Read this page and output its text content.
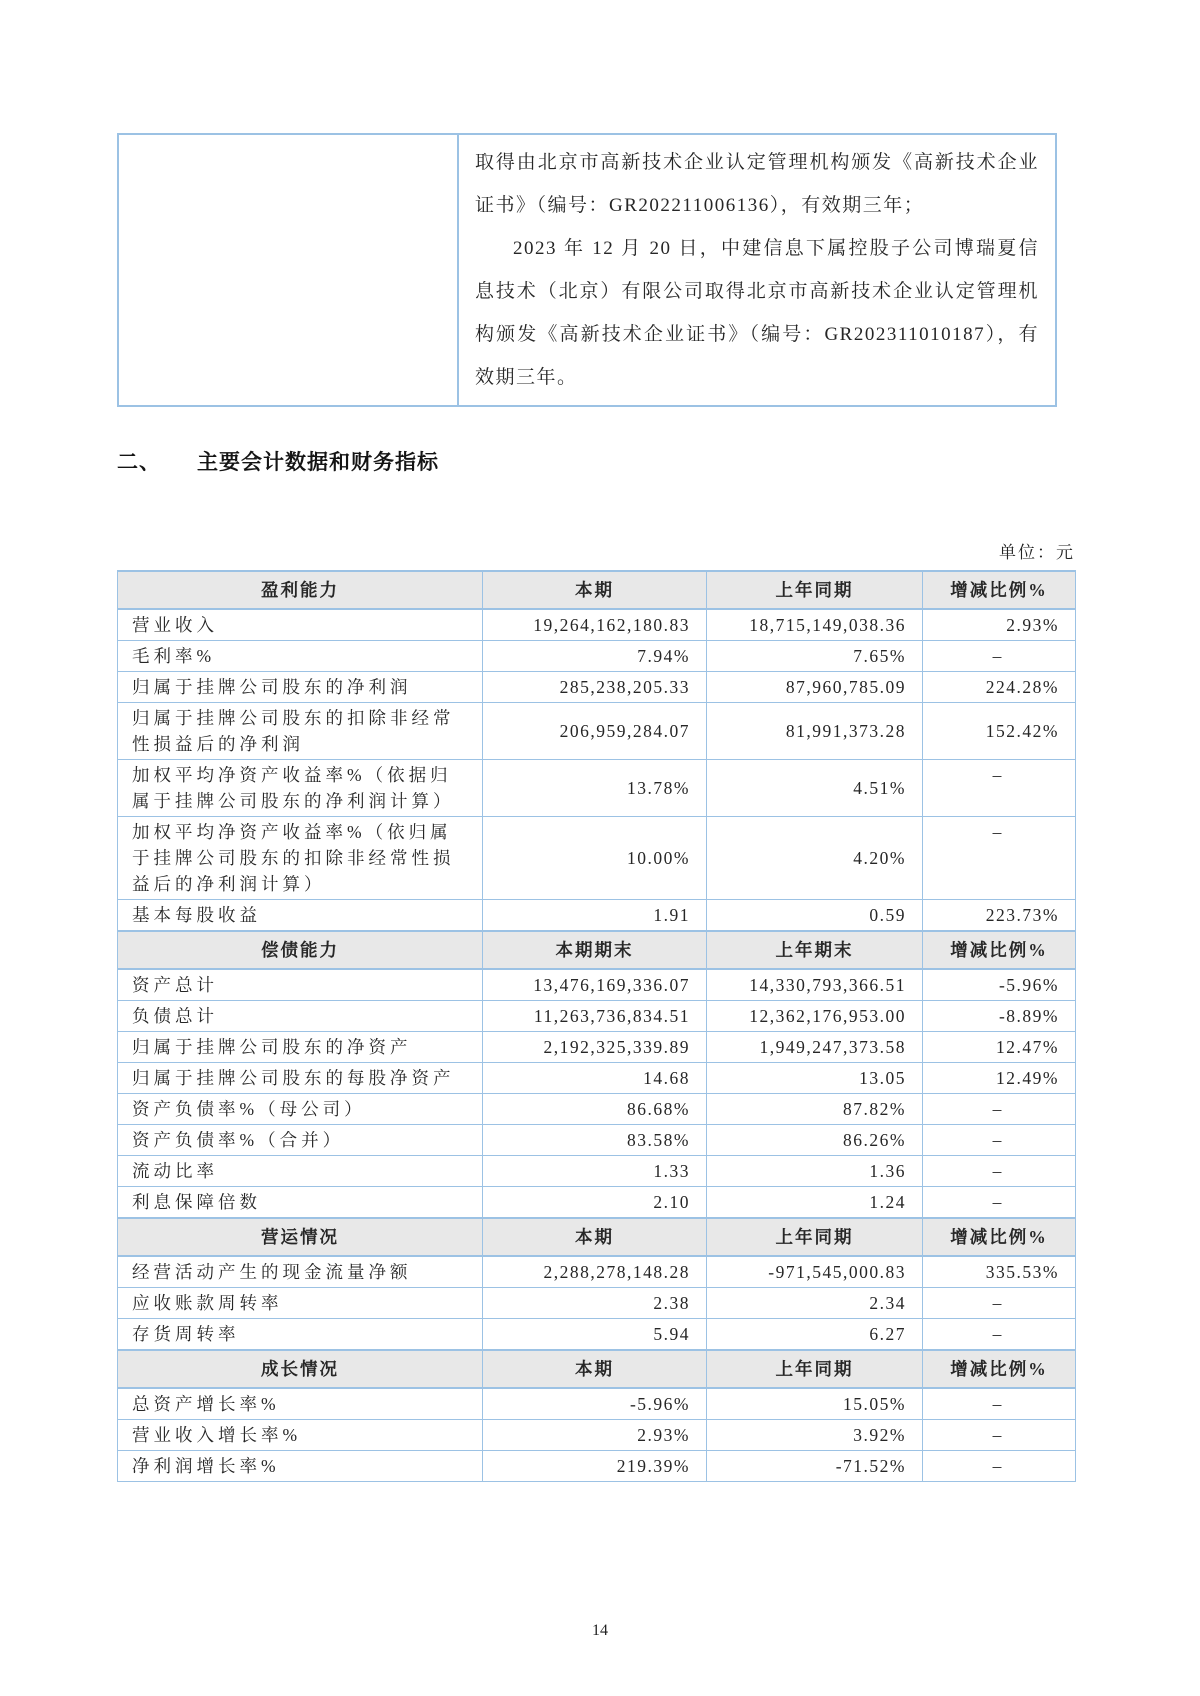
取得由北京市高新技术企业认定管理机构颁发《高新技术企业证书》（编号：GR202211006136），有效期三年；

2023 年 12 月 20 日，中建信息下属控股子公司博瑞夏信息技术（北京）有限公司取得北京市高新技术企业认定管理机构颁发《高新技术企业证书》（编号：GR202311010187），有效期三年。

二、 主要会计数据和财务指标
单位：元
盈利能力	本期	上年同期	增减比例%
营业收入	19,264,162,180.83	18,715,149,038.36	2.93%
毛利率%	7.94%	7.65%	–
归属于挂牌公司股东的净利润	285,238,205.33	87,960,785.09	224.28%
归属于挂牌公司股东的扣除非经常性损益后的净利润	206,959,284.07	81,991,373.28	152.42%
加权平均净资产收益率%（依据归属于挂牌公司股东的净利润计算）	13.78%	4.51%	–
加权平均净资产收益率%（依归属于挂牌公司股东的扣除非经常性损益后的净利润计算）	10.00%	4.20%	–
基本每股收益	1.91	0.59	223.73%
偿债能力	本期期末	上年期末	增减比例%
资产总计	13,476,169,336.07	14,330,793,366.51	-5.96%
负债总计	11,263,736,834.51	12,362,176,953.00	-8.89%
归属于挂牌公司股东的净资产	2,192,325,339.89	1,949,247,373.58	12.47%
归属于挂牌公司股东的每股净资产	14.68	13.05	12.49%
资产负债率%（母公司）	86.68%	87.82%	–
资产负债率%（合并）	83.58%	86.26%	–
流动比率	1.33	1.36	–
利息保障倍数	2.10	1.24	–
营运情况	本期	上年同期	增减比例%
经营活动产生的现金流量净额	2,288,278,148.28	-971,545,000.83	335.53%
应收账款周转率	2.38	2.34	–
存货周转率	5.94	6.27	–
成长情况	本期	上年同期	增减比例%
总资产增长率%	-5.96%	15.05%	–
营业收入增长率%	2.93%	3.92%	–
净利润增长率%	219.39%	-71.52%	–
14
